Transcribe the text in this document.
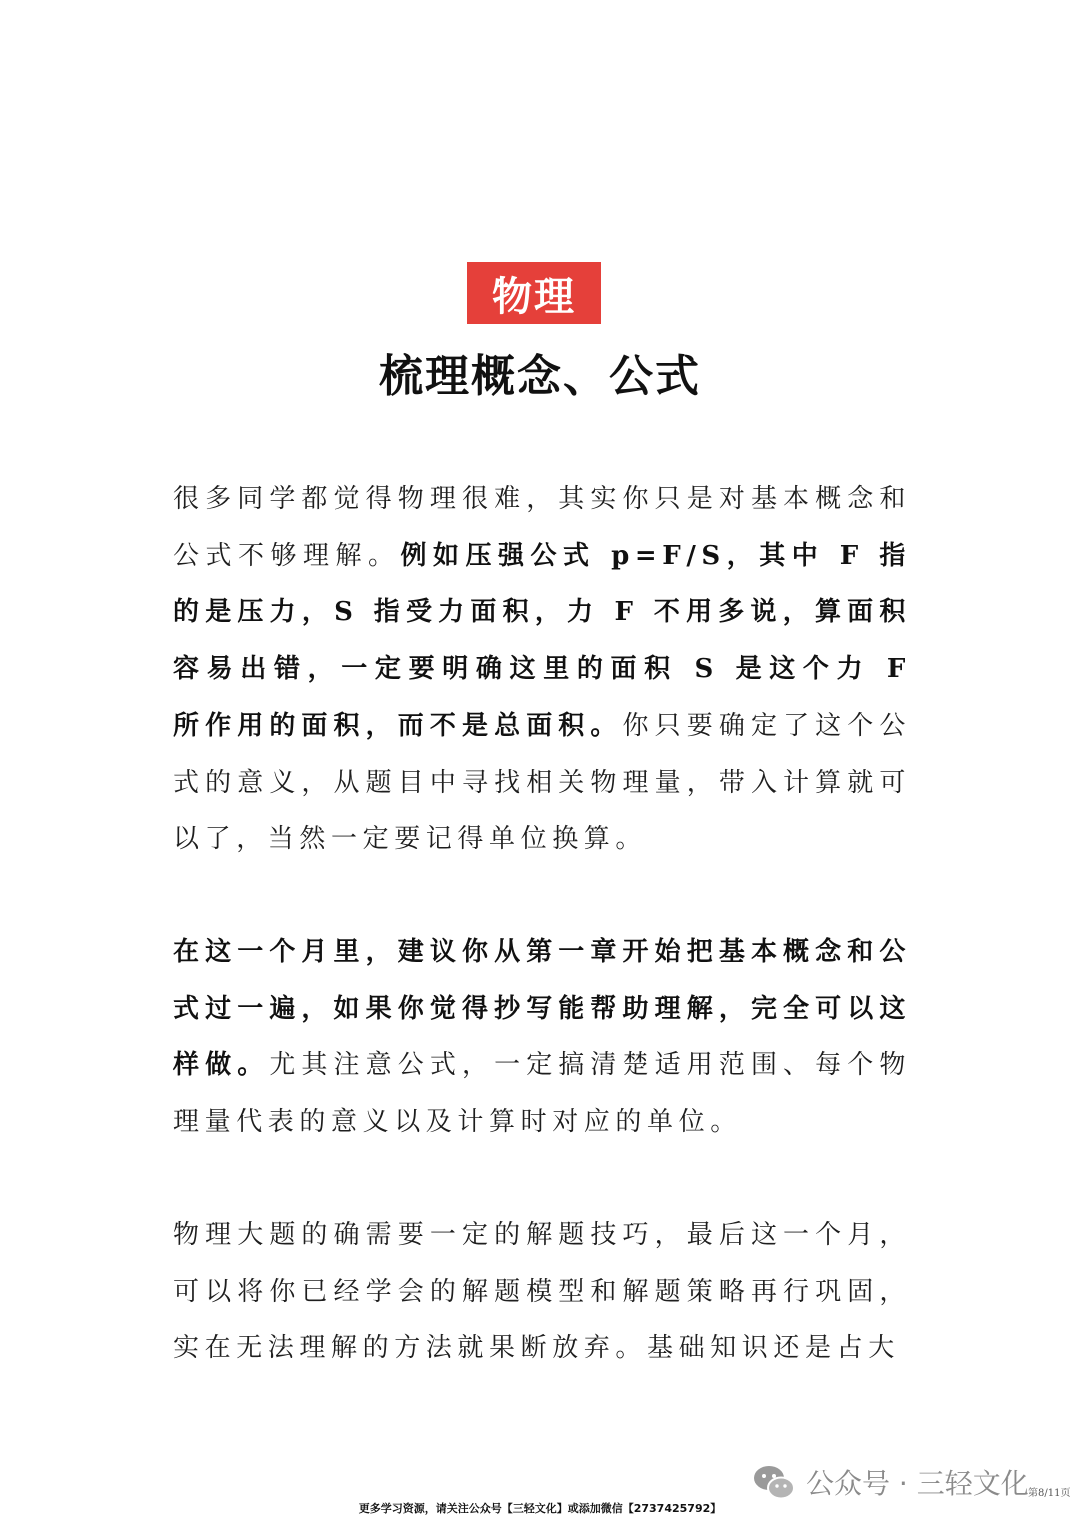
物理
梳理概念、公式
很多同学都觉得物理很难，其实你只是对基本概念和公式不够理解。例如压强公式 p=F/S，其中 F 指的是压力，S 指受力面积，力 F 不用多说，算面积容易出错，一定要明确这里的面积 S 是这个力 F 所作用的面积，而不是总面积。你只要确定了这个公式的意义，从题目中寻找相关物理量，带入计算就可以了，当然一定要记得单位换算。
在这一个月里，建议你从第一章开始把基本概念和公式过一遍，如果你觉得抄写能帮助理解，完全可以这样做。尤其注意公式，一定搞清楚适用范围、每个物理量代表的意义以及计算时对应的单位。
物理大题的确需要一定的解题技巧，最后这一个月，可以将你已经学会的解题模型和解题策略再行巩固，实在无法理解的方法就果断放弃。基础知识还是占大
公众号 · 三轻文化 第8/11页
更多学习资源，请关注公众号【三轻文化】或添加微信【2737425792】
